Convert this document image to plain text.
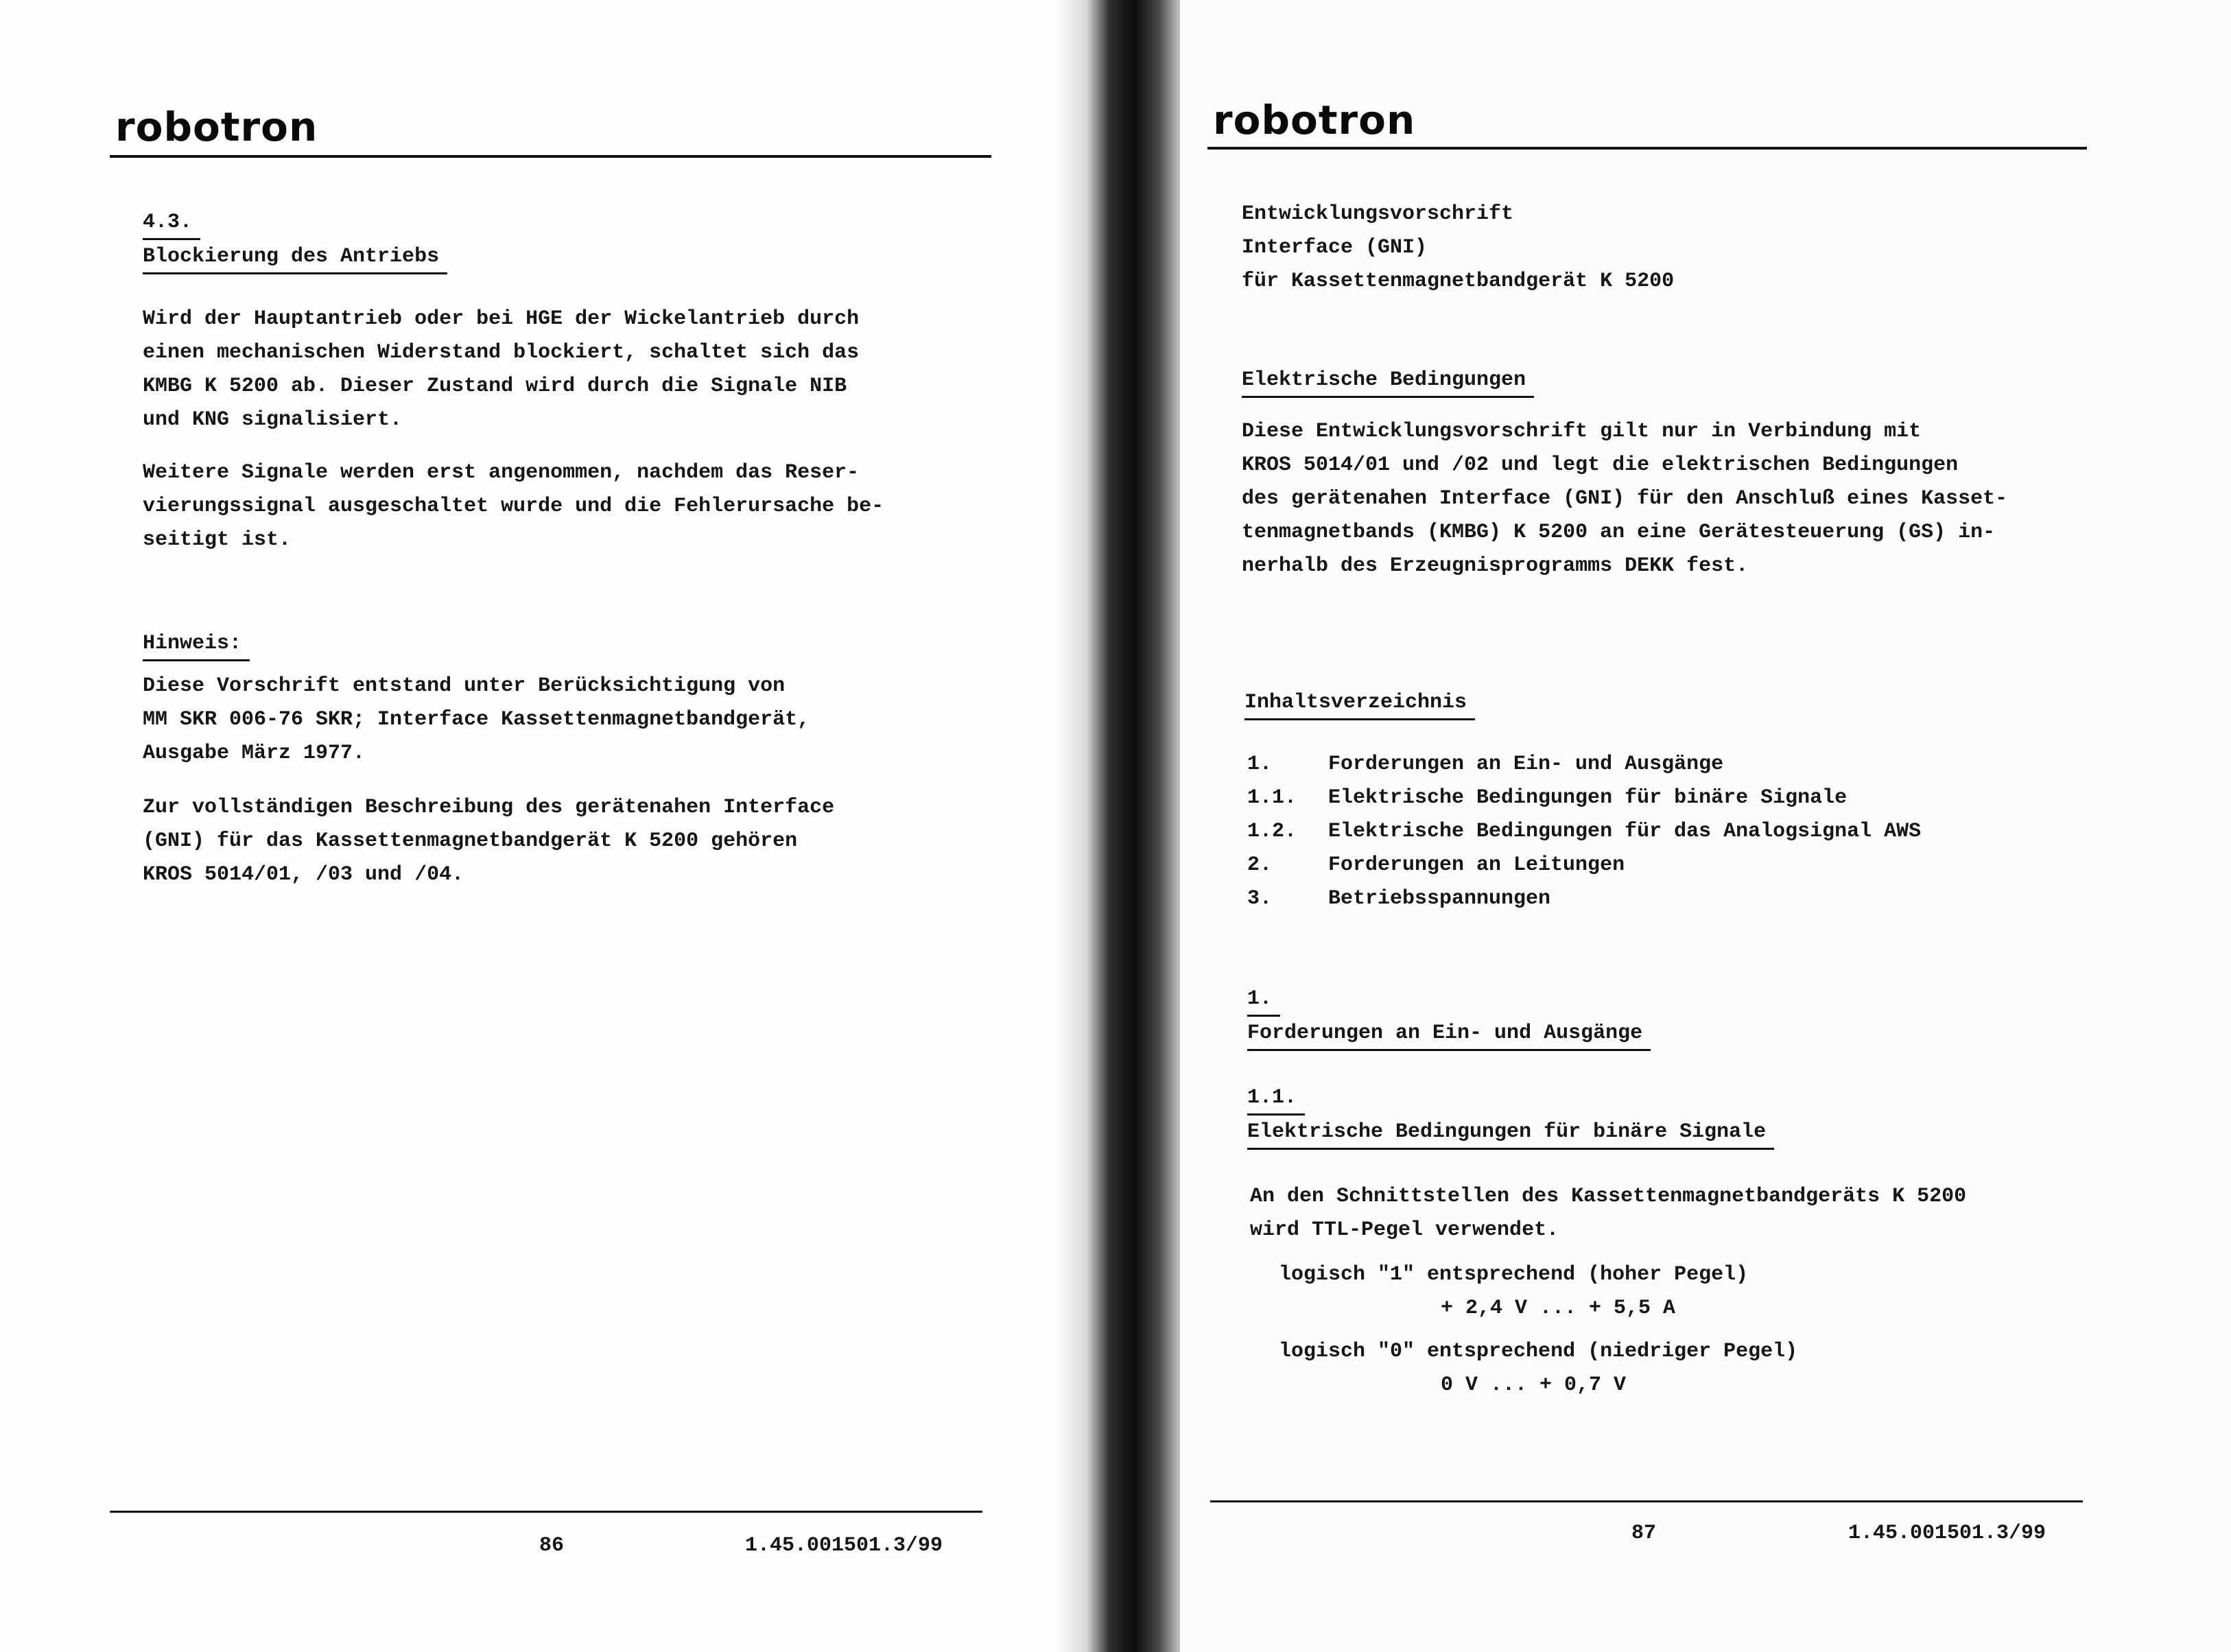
robotron
4.3.
Blockierung des Antriebs
Wird der Hauptantrieb oder bei HGE der Wickelantrieb durch
einen mechanischen Widerstand blockiert, schaltet sich das
KMBG K 5200 ab. Dieser Zustand wird durch die Signale NIB
und KNG signalisiert.
Weitere Signale werden erst angenommen, nachdem das Reser-
vierungssignal ausgeschaltet wurde und die Fehlerursache be-
seitigt ist.
Hinweis:
Diese Vorschrift entstand unter Berücksichtigung von
MM SKR 006-76 SKR; Interface Kassettenmagnetbandgerät,
Ausgabe März 1977.
Zur vollständigen Beschreibung des gerätenahen Interface
(GNI) für das Kassettenmagnetbandgerät K 5200 gehören
KROS 5014/01, /03 und /04.
86	1.45.001501.3/99
robotron
Entwicklungsvorschrift
Interface (GNI)
für Kassettenmagnetbandgerät K 5200
Elektrische Bedingungen
Diese Entwicklungsvorschrift gilt nur in Verbindung mit
KROS 5014/01 und /02 und legt die elektrischen Bedingungen
des gerätenahen Interface (GNI) für den Anschluß eines Kasset-
tenmagnetbands (KMBG) K 5200 an eine Gerätesteuerung (GS) in-
nerhalb des Erzeugnisprogramms DEKK fest.
Inhaltsverzeichnis
1.	Forderungen an Ein- und Ausgänge
1.1.	Elektrische Bedingungen für binäre Signale
1.2.	Elektrische Bedingungen für das Analogsignal AWS
2.	Forderungen an Leitungen
3.	Betriebsspannungen
1.
Forderungen an Ein- und Ausgänge
1.1.
Elektrische Bedingungen für binäre Signale
An den Schnittstellen des Kassettenmagnetbandgeräts K 5200
wird TTL-Pegel verwendet.
logisch "1" entsprechend (hoher Pegel)
+ 2,4 V ... + 5,5 A
logisch "0" entsprechend (niedriger Pegel)
0 V ... + 0,7 V
87	1.45.001501.3/99
